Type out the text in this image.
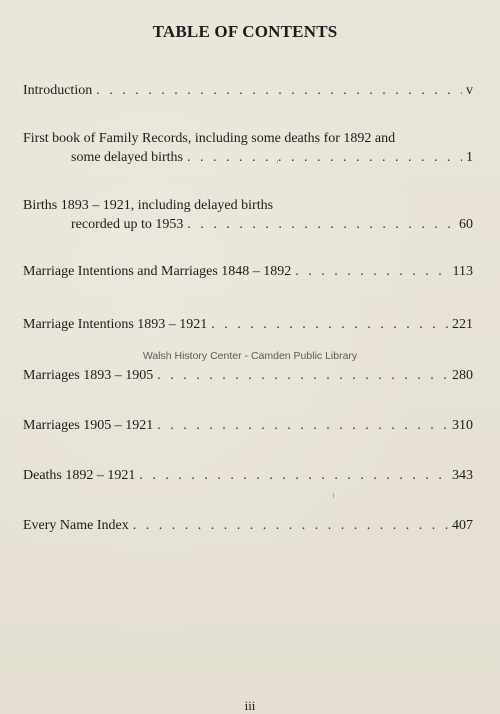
TABLE OF CONTENTS
Introduction . . .	v
First book of Family Records, including some deaths for 1892 and
some delayed births . . .	1
Births 1893 – 1921, including delayed births
recorded up to 1953 . . .	60
Marriage Intentions and Marriages 1848 – 1892 . . .	113
Marriage Intentions 1893 – 1921 . . .	221
Walsh History Center - Camden Public Library
Marriages 1893 – 1905 . . .	280
Marriages 1905 – 1921 . . .	310
Deaths 1892 – 1921 . . .	343
Every Name Index . . .	407
iii
